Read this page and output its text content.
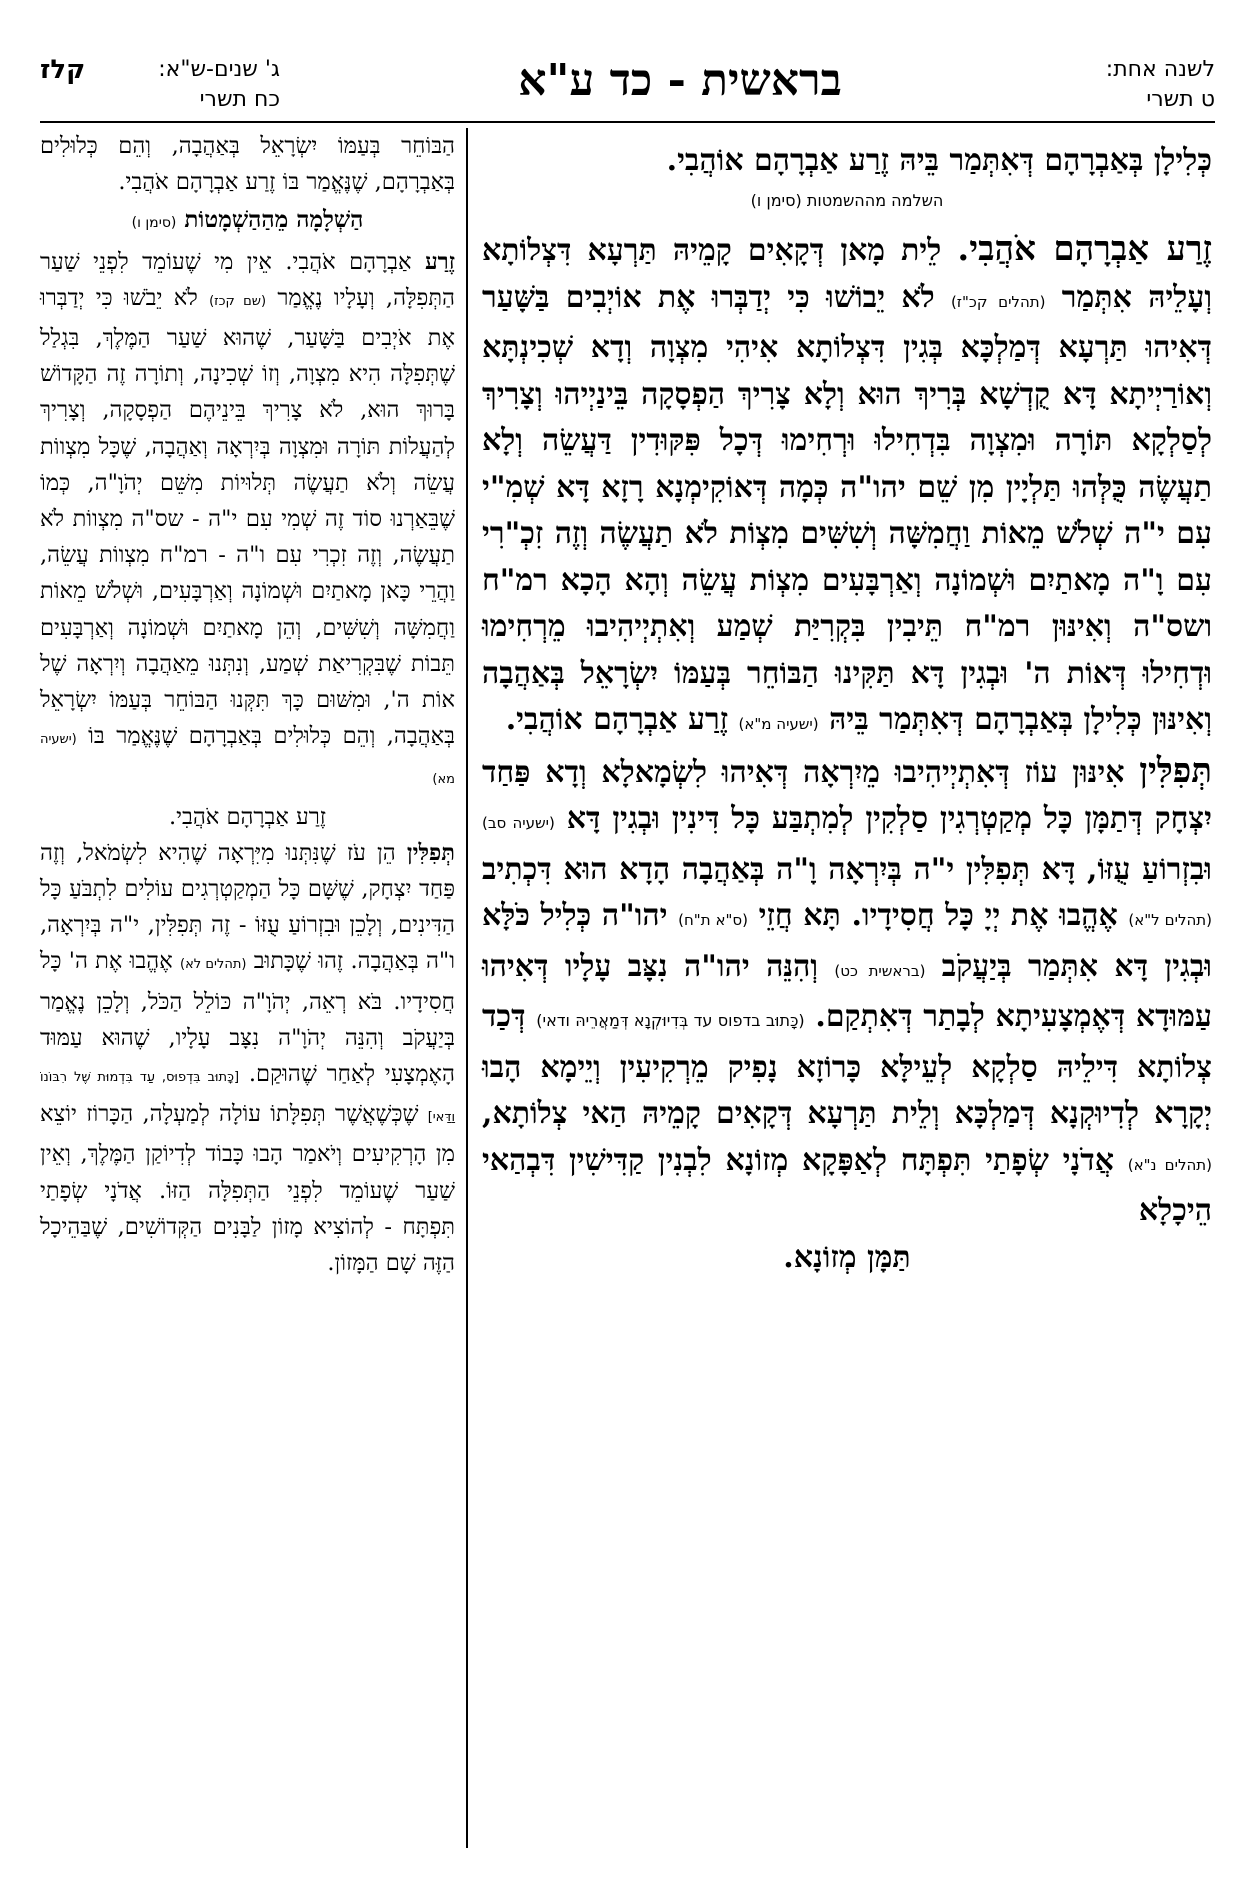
לשנה אחת:
ט תשרי
בראשית - כד ע"א
ג' שנים-ש"א:
קלז
כח תשרי
כְּלִילָן בְּאַבְרָהָם דְּאִתְּמַר בֵּיהּ זֶרַע אַבְרָהָם אוֹהֲבִי.
השלמה מההשמטות (סימן ו)

זֶרַע אַבְרָהָם אֹהֲבִי. לֵית מָאן דְּקָאִים קָמֵיהּ תַּרְעָא דִּצְלוֹתָא וְעָלֵיהּ אִתְּמַר (תהלים קכ"ז) לֹא יֵבוֹשׁוּ כִּי יְדַבְּרוּ אֶת אוֹיְבִים בַּשָּׁעַר דְּאִיהוּ תַּרְעָא דְּמַלְכָּא בְּגִין דִּצְלוֹתָא אִיהִי מִצְוָה וְדָא שְׁכִינְתָּא וְאוֹרַיְיתָא דָּא קֻדְשָׁא בְּרִיךְ הוּא וְלָא צָרִיךְ הַפְסָקָה בֵּינַיְיהוּ וְצָרִיךְ לְסַלְקָא תּוֹרָה וּמִצְוָה בִּדְחִילוּ וּרְחִימוּ דְּכָל פִּקּוּדִין דַּעֲשֵׂה וְלָא תַעֲשֶׂה כֻּלְּהוּ תַּלְיָין מִן שֵׁם יהו"ה כְּמָה דְּאוֹקִימְנָא רָזָא דָּא שְׁמִ"י עִם י"ה שְׁלֹשׁ מֵאוֹת וַחֲמִשָּׁה וְשִׁשִּׁים מִצְוֹת לֹא תַעֲשֶׂה וְזֶה זִכְ"רִי עִם וָ"ה מָאתַיִם וּשְׁמוֹנָה וְאַרְבָּעִים מִצְוֹת עֲשֵׂה וְהָא הָכָא רמ"ח ושס"ה וְאִינּוּן רמ"ח תֵּיבִין בִּקְרִיַּת שְׁמַע וְאִתְיְיהִיבוּ מֵרְחִימוּ וּדְחִילוּ דְּאוֹת ה' וּבְגִין דָּא תַּקִּינוּ הַבּוֹחֵר בְּעַמּוֹ יִשְׂרָאֵל בְּאַהֲבָה וְאִינּוּן כְּלִילָן בְּאַבְרָהָם דְּאִתְּמַר בֵּיהּ (ישעיה מ"א) זֶרַע אַבְרָהָם אוֹהֲבִי.

תְּפִלִּין אִינּוּן עוֹז דְּאִתְיְיהִיבוּ מֵיִרְאָה דְּאִיהוּ לִשְׂמָאלָא וְדָא פַּחַד יִצְחָק דְּתַמָּן כָּל מְקַטְרְגִין סַלְקִין לְמִתְבַּע כָּל דִּינִין וּבְגִין דָּא (ישעיה סב) וּבִזְרוֹעַ עֻזּוֹ, דָּא תְּפִלִּין י"ה בְּיִרְאָה וָ"ה בְּאַהֲבָה הָדָא הוּא דִּכְתִיב (תהלים ל"א) אֶהֱבוּ אֶת יְיָ כָּל חֲסִידָיו. תָּא חֲזֵי (ס"א ת"ח) יהו"ה כְּלִיל כֹּלָּא וּבְגִין דָּא אִתְּמַר בְּיַעֲקֹב (בראשית כט) וְהִנֵּה יהו"ה נִצָּב עָלָיו דְּאִיהוּ עַמּוּדָא דְּאֶמְצָעִיתָא לְבָתַר דְּאִתְקַם. (כָּתוּב בדפוס עד בְּדִיוּקְנָא דְּמַאֲרֵיהּ ודאי) דְּכַד צְלוֹתָא דִּילֵיהּ סַלְקָא לְעֵילָּא כָּרוֹזָא נָפִיק מֵרְקִיעִין וְיֵימָא הָבוּ יְקָרָא לְדִיוּקְנָא דְּמַלְכָּא וְלֵית תַּרְעָא דְּקָאִים קָמֵיהּ הַאי צְלוֹתָא, (תהלים נ"א) אֲדֹנָי שְׂפָתַי תִּפְתָּח לְאַפָּקָא מְזוֹנָא לִבְנִין קַדִּישִׁין דִּבְהַאי הֵיכָלָא

תַּמָּן מְזוֹנָא.

הַבּוֹחֵר בְּעַמּוֹ יִשְׂרָאֵל בְּאַהֲבָה, וְהֵם כְּלוּלִים בְּאַבְרָהָם, שֶׁנֶּאֱמַר בּוֹ זֶרַע אַבְרָהָם אֹהֲבִי.

הַשְׁלָמָה מֵהַהַשְׁמָטוֹת (סימן ו)

זֶרַע אַבְרָהָם אֹהֲבִי. אֵין מִי שֶׁעוֹמֵד לִפְנֵי שַׁעַר הַתְּפִלָּה, וְעָלָיו נֶאֱמַר (שם קכז) לֹא יֵבֹשׁוּ כִּי יְדַבְּרוּ אֶת אֹיְבִים בַּשָּׁעַר, שֶׁהוּא שַׁעַר הַמֶּלֶךְ, בִּגְלַל שֶׁתְּפִלָּה הִיא מִצְוָה, וְזוֹ שְׁכִינָה, וְתוֹרָה זֶה הַקָּדוֹשׁ בָּרוּךְ הוּא, לֹא צָרִיךְ בֵּינֵיהֶם הַפְסָקָה, וְצָרִיךְ לְהַעֲלוֹת תּוֹרָה וּמִצְוָה בְּיִרְאָה וְאַהֲבָה, שֶׁכָּל מִצְווֹת עֲשֵׂה וְלֹא תַעֲשֶׂה תְּלוּיוֹת מִשֵּׁם יְהֹוָ"ה, כְּמוֹ שֶׁבֵּאַרְנוּ סוֹד זֶה שְׁמִי עִם י"ה - שס"ה מִצְווֹת לֹא תַעֲשֶׂה, וְזֶה זִכְרִי עִם ו"ה - רמ"ח מִצְווֹת עֲשֵׂה, וַהֲרֵי כָּאן מָאתַיִם וּשְׁמוֹנָה וְאַרְבָּעִים, וּשְׁלֹשׁ מֵאוֹת וַחֲמִשָּׁה וְשִׁשִּׁים, וְהֵן מָאתַיִם וּשְׁמוֹנָה וְאַרְבָּעִים תֵּבוֹת שֶׁבִּקְרִיאַת שְׁמַע, וְנִתְּנוּ מֵאַהֲבָה וְיִרְאָה שֶׁל אוֹת ה', וּמִשּׁוּם כָּךְ תִּקְּנוּ הַבּוֹחֵר בְּעַמּוֹ יִשְׂרָאֵל בְּאַהֲבָה, וְהֵם כְּלוּלִים בְּאַבְרָהָם שֶׁנֶּאֱמַר בּוֹ (ישעיה מא)

זֶרַע אַבְרָהָם אֹהֲבִי.

תְּפִלִּין הֵן עֹז שֶׁנִּתְּנוּ מִיִּרְאָה שֶׁהִיא לִשְׂמֹאל, וְזֶה פַּחַד יִצְחָק, שֶׁשָּׁם כָּל הַמְקַטְרְגִים עוֹלִים לִתְבֹּעַ כָּל הַדִּינִים, וְלָכֵן וּבִזְרוֹעַ עֻזּוֹ - זֶה תְּפִלִּין, י"ה בְּיִרְאָה, ו"ה בְּאַהֲבָה. זֶהוּ שֶׁכָּתוּב (תהלים לא) אֶהֱבוּ אֶת ה' כָּל חֲסִידָיו. בֹּא רְאֵה, יְהֹוָ"ה כּוֹלֵל הַכֹּל, וְלָכֵן נֶאֱמַר בְּיַעֲקֹב וְהִנֵּה יְהֹוָ"ה נִצָּב עָלָיו, שֶׁהוּא עַמּוּד הָאֶמְצָעִי לְאַחַר שֶׁהוּקַם. [כָּתוּב בִּדְפוּס, עַד בִּדְמוּת שֶׁל רִבּוֹנוֹ וַדַּאי] שֶׁכְּשֶׁאֲשֶׁר תְּפִלָּתוֹ עוֹלָה לְמַעְלָה, הַכָּרוֹז יוֹצֵא מִן הָרְקִיעִים וְיֹאמַר הָבוּ כָּבוֹד לְדִיוֹקַן הַמֶּלֶךְ, וְאֵין שַׁעַר שֶׁעוֹמֵד לִפְנֵי הַתְּפִלָּה הַזּוֹ. אֲדֹנָי שְׂפָתַי תִּפְתָּח - לְהוֹצִיא מָזוֹן לַבָּנִים הַקְּדוֹשִׁים, שֶׁבַּהֵיכָל הַזֶּה שָׁם הַמָּזוֹן.
